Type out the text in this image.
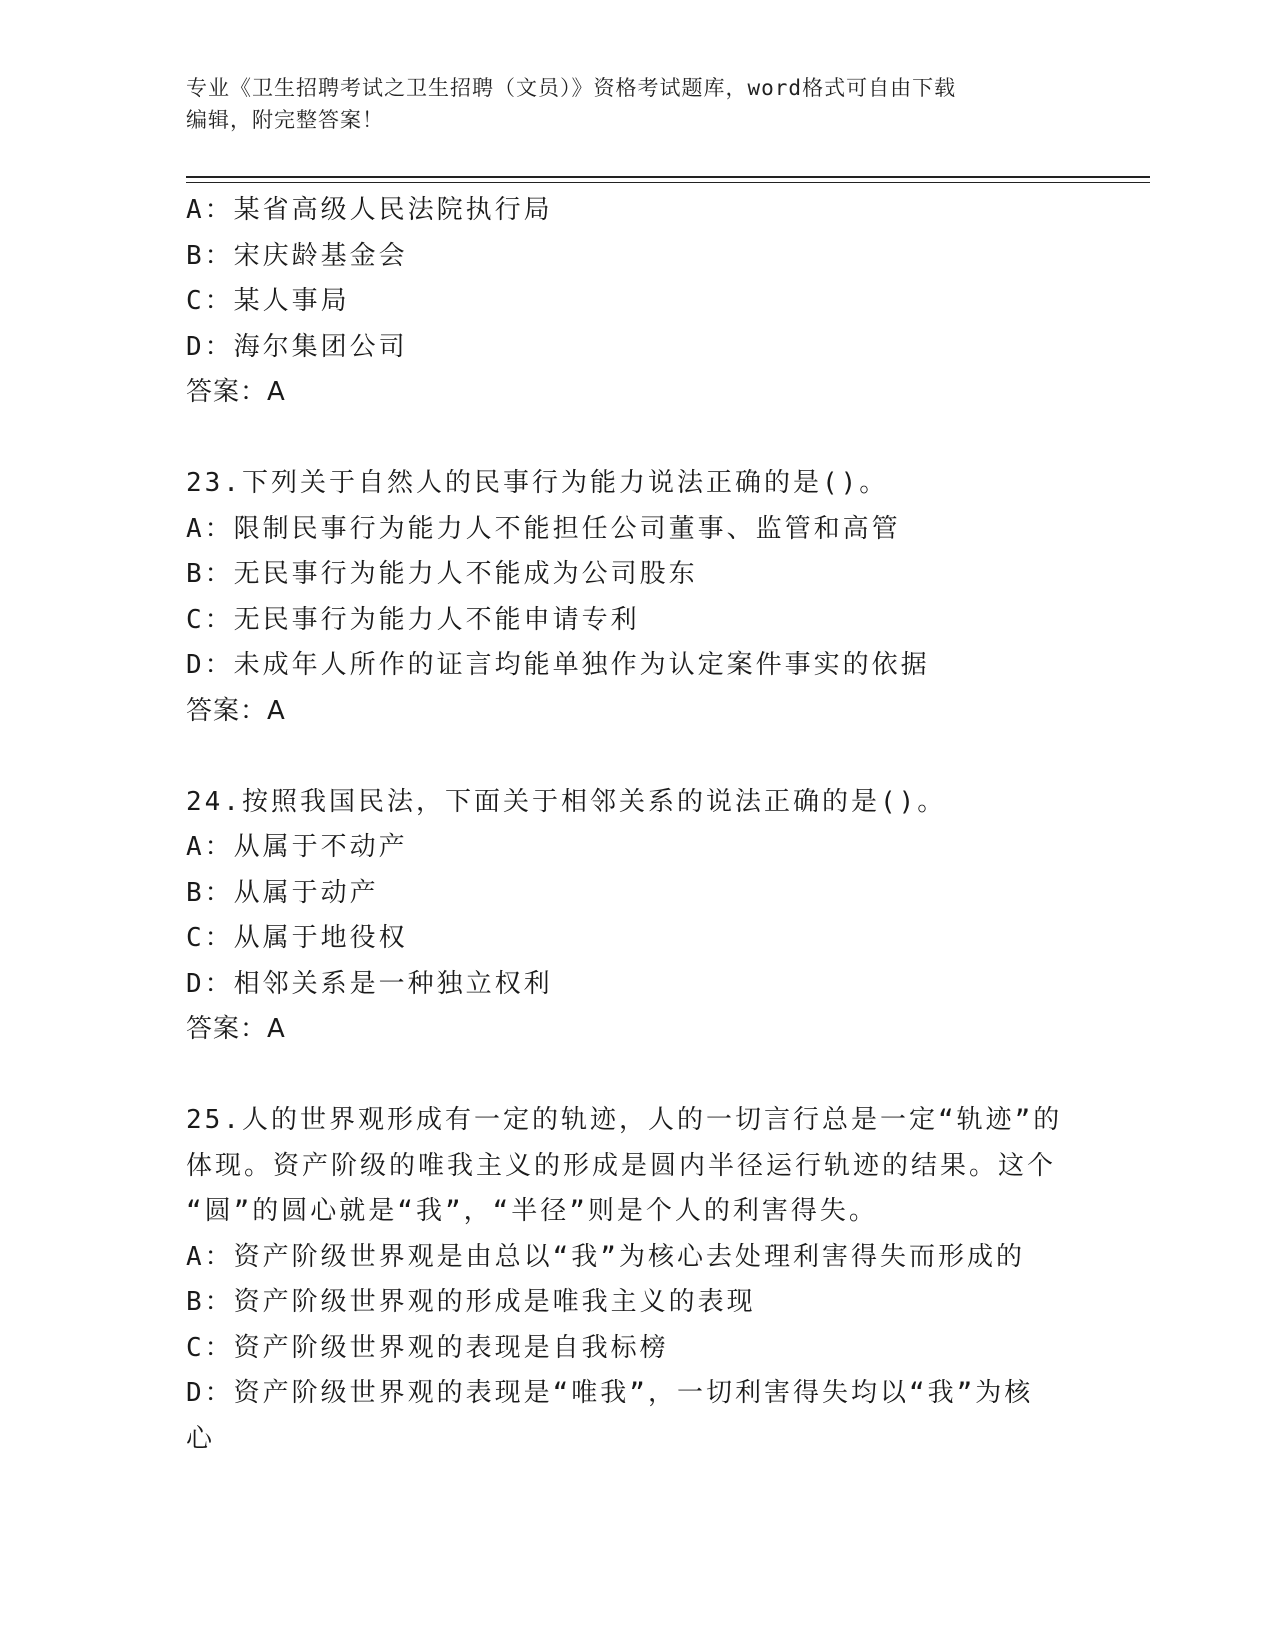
专业《卫生招聘考试之卫生招聘（文员）》资格考试题库，word格式可自由下载
编辑，附完整答案！
A：某省高级人民法院执行局
B：宋庆龄基金会
C：某人事局
D：海尔集团公司
答案：A
23.下列关于自然人的民事行为能力说法正确的是()。
A：限制民事行为能力人不能担任公司董事、监管和高管
B：无民事行为能力人不能成为公司股东
C：无民事行为能力人不能申请专利
D：未成年人所作的证言均能单独作为认定案件事实的依据
答案：A
24.按照我国民法，下面关于相邻关系的说法正确的是()。
A：从属于不动产
B：从属于动产
C：从属于地役权
D：相邻关系是一种独立权利
答案：A
25.人的世界观形成有一定的轨迹，人的一切言行总是一定“轨迹”的
体现。资产阶级的唯我主义的形成是圆内半径运行轨迹的结果。这个
“圆”的圆心就是“我”，“半径”则是个人的利害得失。
A：资产阶级世界观是由总以“我”为核心去处理利害得失而形成的
B：资产阶级世界观的形成是唯我主义的表现
C：资产阶级世界观的表现是自我标榜
D：资产阶级世界观的表现是“唯我”，一切利害得失均以“我”为核
心
